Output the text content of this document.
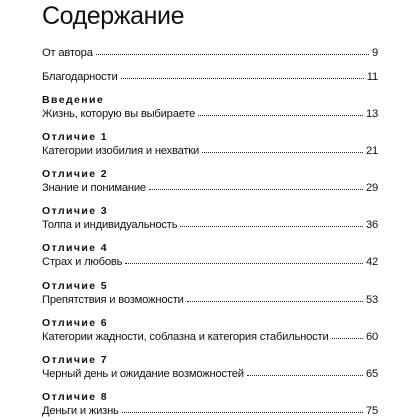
Содержание
От автора	9
Благодарности	11
Введение
Жизнь, которую вы выбираете	13
Отличие 1
Категории изобилия и нехватки	21
Отличие 2
Знание и понимание	29
Отличие 3
Толпа и индивидуальность	36
Отличие 4
Страх и любовь	42
Отличие 5
Препятствия и возможности	53
Отличие 6
Категории жадности, соблазна и категория стабильности	60
Отличие 7
Черный день и ожидание возможностей	65
Отличие 8
Деньги и жизнь	75
